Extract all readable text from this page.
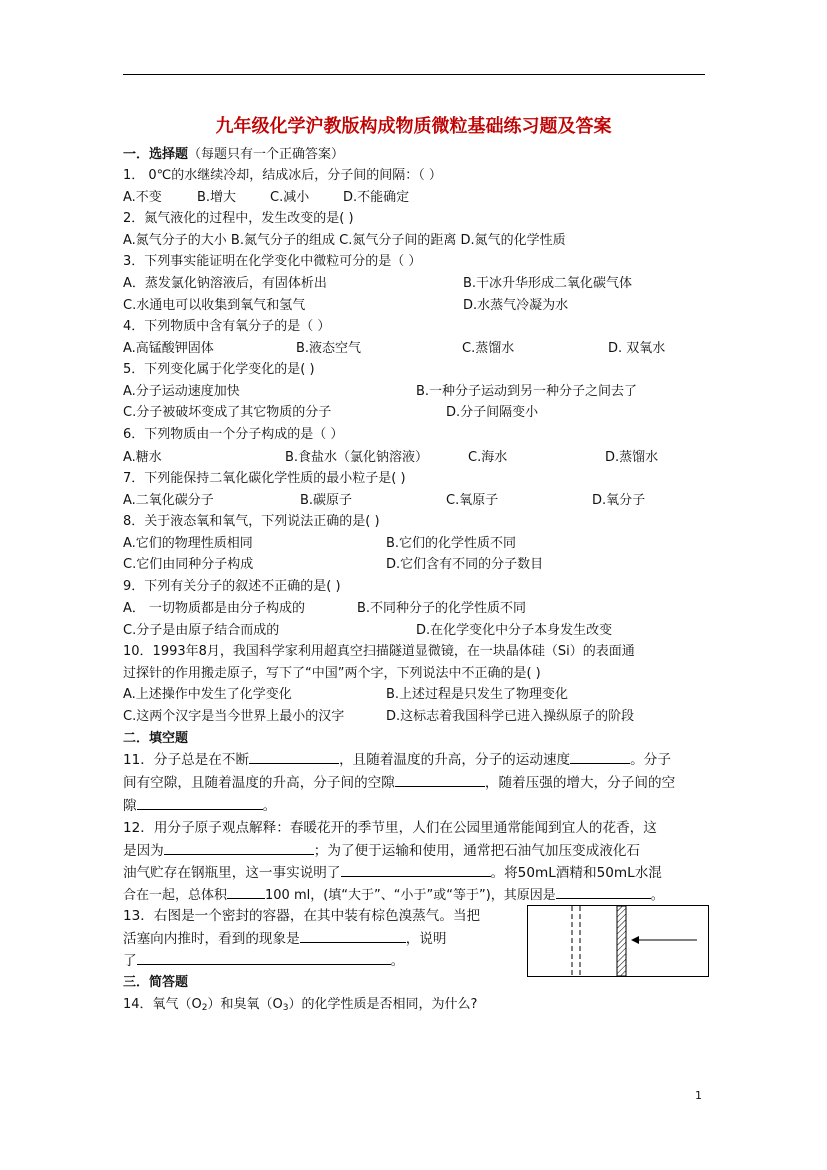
九年级化学沪教版构成物质微粒基础练习题及答案
一．选择题（每题只有一个正确答案）
1． 0℃的水继续冷却，结成冰后，分子间的间隔：（ ）
A.不变	B.增大	C.减小	D.不能确定
2．氮气液化的过程中，发生改变的是( )
A.氮气分子的大小 B.氮气分子的组成 C.氮气分子间的距离 D.氮气的化学性质
3．下列事实能证明在化学变化中微粒可分的是（ ）
A．蒸发氯化钠溶液后，有固体析出	B.干冰升华形成二氧化碳气体
C.水通电可以收集到氧气和氢气	D.水蒸气冷凝为水
4．下列物质中含有氧分子的是（ ）
A.高锰酸钾固体	B.液态空气	C.蒸馏水	D. 双氧水
5．下列变化属于化学变化的是( )
A.分子运动速度加快	B.一种分子运动到另一种分子之间去了
C.分子被破坏变成了其它物质的分子	D.分子间隔变小
6．下列物质由一个分子构成的是（ ）
A.糖水	B.食盐水（氯化钠溶液）	C.海水	D.蒸馏水
7．下列能保持二氧化碳化学性质的最小粒子是( )
A.二氧化碳分子	B.碳原子	C.氧原子	D.氧分子
8．关于液态氧和氧气，下列说法正确的是( )
A.它们的物理性质相同	B.它们的化学性质不同
C.它们由同种分子构成	D.它们含有不同的分子数目
9．下列有关分子的叙述不正确的是( )
A． 一切物质都是由分子构成的	B.不同种分子的化学性质不同
C.分子是由原子结合而成的	D.在化学变化中分子本身发生改变
10．1993年8月，我国科学家利用超真空扫描隧道显微镜，在一块晶体硅（Si）的表面通
过探针的作用搬走原子，写下了“中国”两个字，下列说法中不正确的是( )
A.上述操作中发生了化学变化	B.上述过程是只发生了物理变化
C.这两个汉字是当今世界上最小的汉字	D.这标志着我国科学已进入操纵原子的阶段
二．填空题
11．分子总是在不断	，且随着温度的升高，分子的运动速度	。分子
间有空隙，且随着温度的升高，分子间的空隙	，随着压强的增大，分子间的空
隙	。
12．用分子原子观点解释：春暖花开的季节里，人们在公园里通常能闻到宜人的花香，这
是因为	；为了便于运输和使用，通常把石油气加压变成液化石
油气贮存在钢瓶里，这一事实说明了	。将50mL酒精和50mL水混
合在一起，总体积	100 ml，(填“大于”、“小于”或“等于”)，其原因是	。
13．右图是一个密封的容器，在其中装有棕色溴蒸气。当把
活塞向内推时，看到的现象是	，说明
了	。
三．简答题
14．氧气$(O_2)$和臭氧$(O_3)$的化学性质是否相同，为什么?
1
